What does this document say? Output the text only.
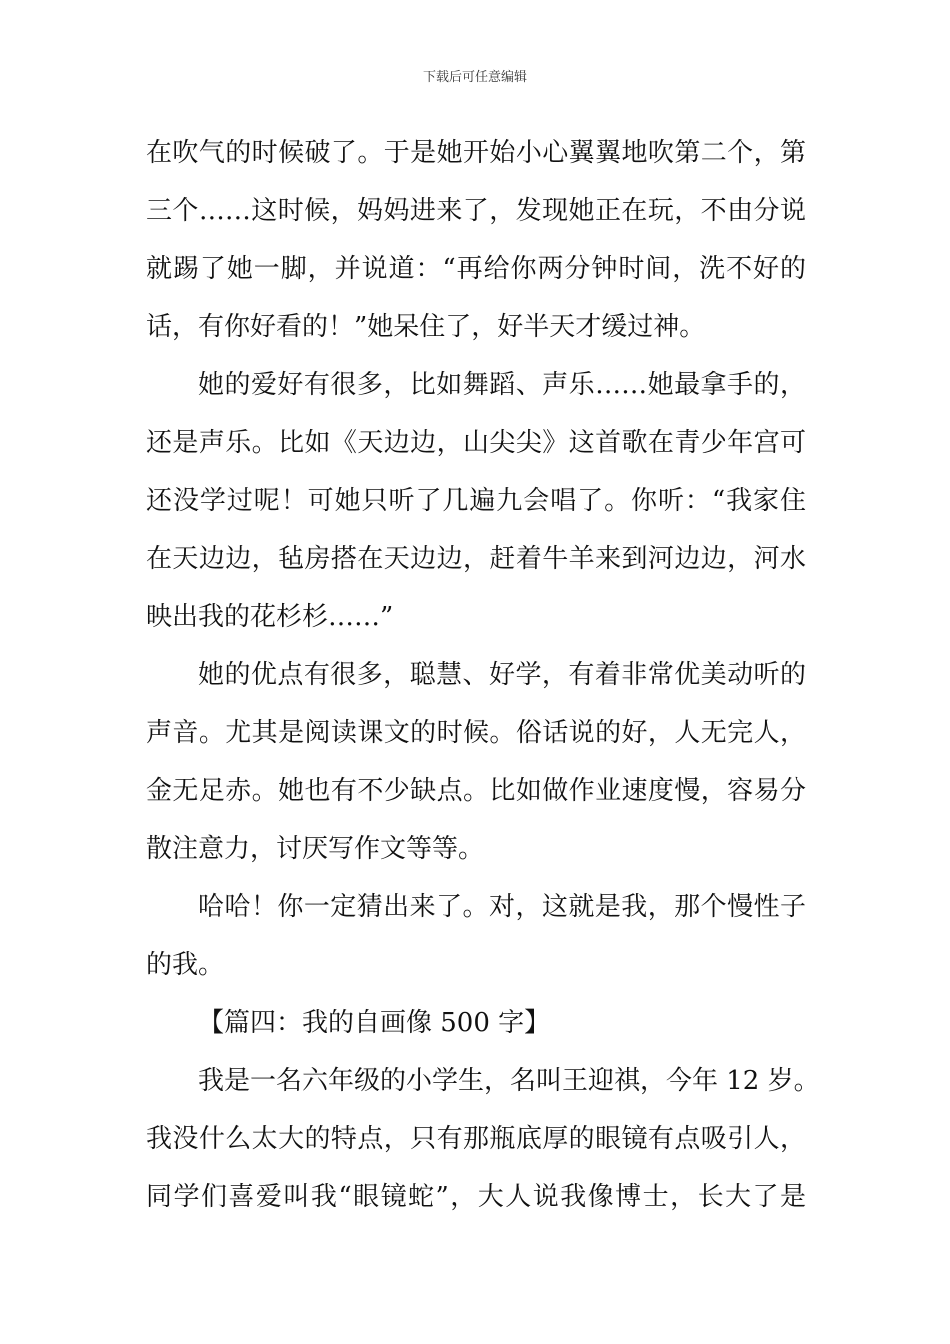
下载后可任意编辑
在吹气的时候破了。于是她开始小心翼翼地吹第二个，第
三个……这时候，妈妈进来了，发现她正在玩，不由分说
就踢了她一脚，并说道：“再给你两分钟时间，洗不好的
话，有你好看的！”她呆住了，好半天才缓过神。
她的爱好有很多，比如舞蹈、声乐……她最拿手的，
还是声乐。比如《天边边，山尖尖》这首歌在青少年宫可
还没学过呢！可她只听了几遍九会唱了。你听：“我家住
在天边边，毡房搭在天边边，赶着牛羊来到河边边，河水
映出我的花杉杉……”
她的优点有很多，聪慧、好学，有着非常优美动听的
声音。尤其是阅读课文的时候。俗话说的好，人无完人，
金无足赤。她也有不少缺点。比如做作业速度慢，容易分
散注意力，讨厌写作文等等。
哈哈！你一定猜出来了。对，这就是我，那个慢性子
的我。
【篇四：我的自画像 500 字】
我是一名六年级的小学生，名叫王迎祺，今年 12 岁。
我没什么太大的特点，只有那瓶底厚的眼镜有点吸引人，
同学们喜爱叫我“眼镜蛇”，大人说我像博士，长大了是
